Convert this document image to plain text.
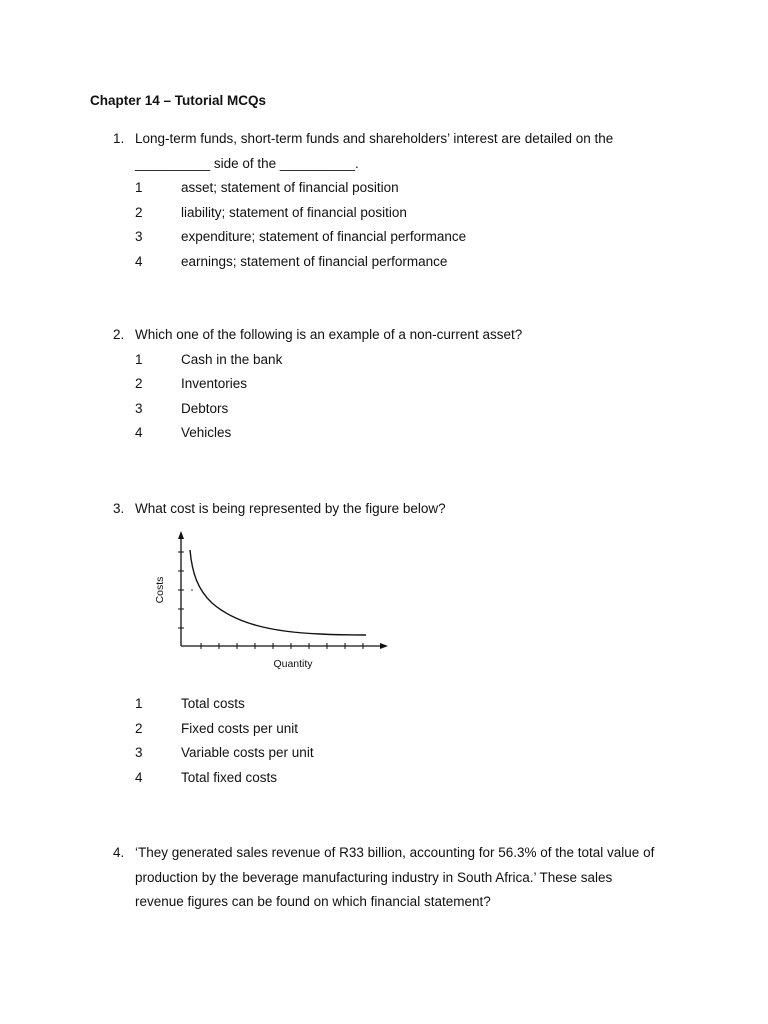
Chapter 14 – Tutorial MCQs
1. Long-term funds, short-term funds and shareholders’ interest are detailed on the
__________ side of the __________.
1	asset; statement of financial position
2	liability; statement of financial position
3	expenditure; statement of financial performance
4	earnings; statement of financial performance
2. Which one of the following is an example of a non-current asset?
1	Cash in the bank
2	Inventories
3	Debtors
4	Vehicles
3. What cost is being represented by the figure below?
Costs
Quantity
1	Total costs
2	Fixed costs per unit
3	Variable costs per unit
4	Total fixed costs
4. ‘They generated sales revenue of R33 billion, accounting for 56.3% of the total value of
production by the beverage manufacturing industry in South Africa.’ These sales
revenue figures can be found on which financial statement?
